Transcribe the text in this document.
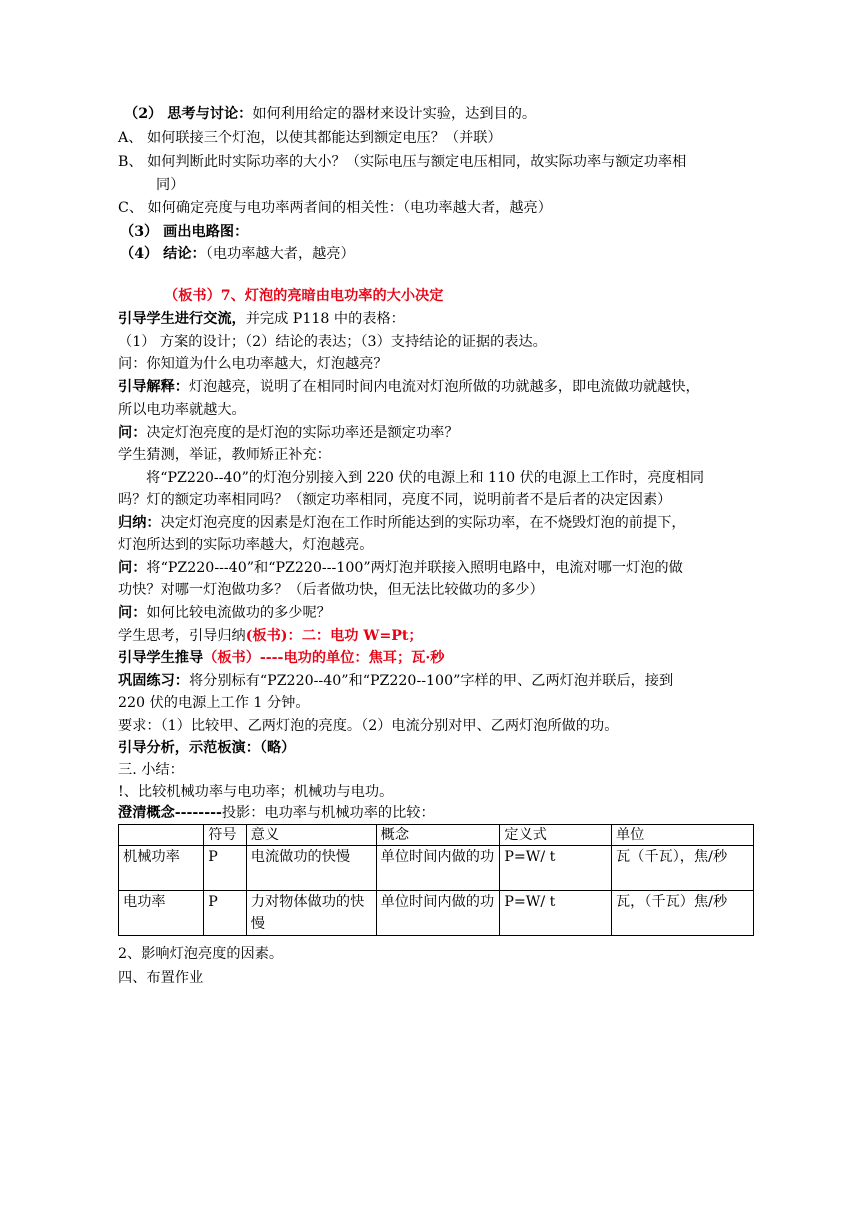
（2） 思考与讨论：如何利用给定的器材来设计实验，达到目的。
A、 如何联接三个灯泡，以使其都能达到额定电压？（并联）
B、 如何判断此时实际功率的大小？（实际电压与额定电压相同，故实际功率与额定功率相
同）
C、 如何确定亮度与电功率两者间的相关性：（电功率越大者，越亮）
（3） 画出电路图：
（4） 结论：（电功率越大者，越亮）
（板书）7、灯泡的亮暗由电功率的大小决定
引导学生进行交流，并完成 P118 中的表格：
（1） 方案的设计；（2）结论的表达；（3）支持结论的证据的表达。
问：你知道为什么电功率越大，灯泡越亮？
引导解释：灯泡越亮，说明了在相同时间内电流对灯泡所做的功就越多，即电流做功就越快，
所以电功率就越大。
问：决定灯泡亮度的是灯泡的实际功率还是额定功率？
学生猜测，举证，教师矫正补充：
将“PZ220--40”的灯泡分别接入到 220 伏的电源上和 110 伏的电源上工作时，亮度相同
吗？灯的额定功率相同吗？（额定功率相同，亮度不同，说明前者不是后者的决定因素）
归纳：决定灯泡亮度的因素是灯泡在工作时所能达到的实际功率，在不烧毁灯泡的前提下，
灯泡所达到的实际功率越大，灯泡越亮。
问：将“PZ220---40”和“PZ220---100”两灯泡并联接入照明电路中，电流对哪一灯泡的做
功快？对哪一灯泡做功多？（后者做功快，但无法比较做功的多少）
问：如何比较电流做功的多少呢？
学生思考，引导归纳(板书)：二：电功 W=Pt；
引导学生推导（板书）----电功的单位：焦耳；瓦·秒
巩固练习：将分别标有“PZ220--40”和“PZ220--100”字样的甲、乙两灯泡并联后，接到
220 伏的电源上工作 1 分钟。
要求：（1）比较甲、乙两灯泡的亮度。（2）电流分别对甲、乙两灯泡所做的功。
引导分析，示范板演：（略）
三. 小结：
!、比较机械功率与电功率；机械功与电功。
澄清概念--------投影：电功率与机械功率的比较：
	符号	意义	概念	定义式	单位
机械功率	P	电流做功的快慢	单位时间内做的功	P=W/ t	瓦（千瓦），焦/秒
电功率	P	力对物体做功的快慢	单位时间内做的功	P=W/ t	瓦，（千瓦）焦/秒
2、影响灯泡亮度的因素。
四、布置作业
